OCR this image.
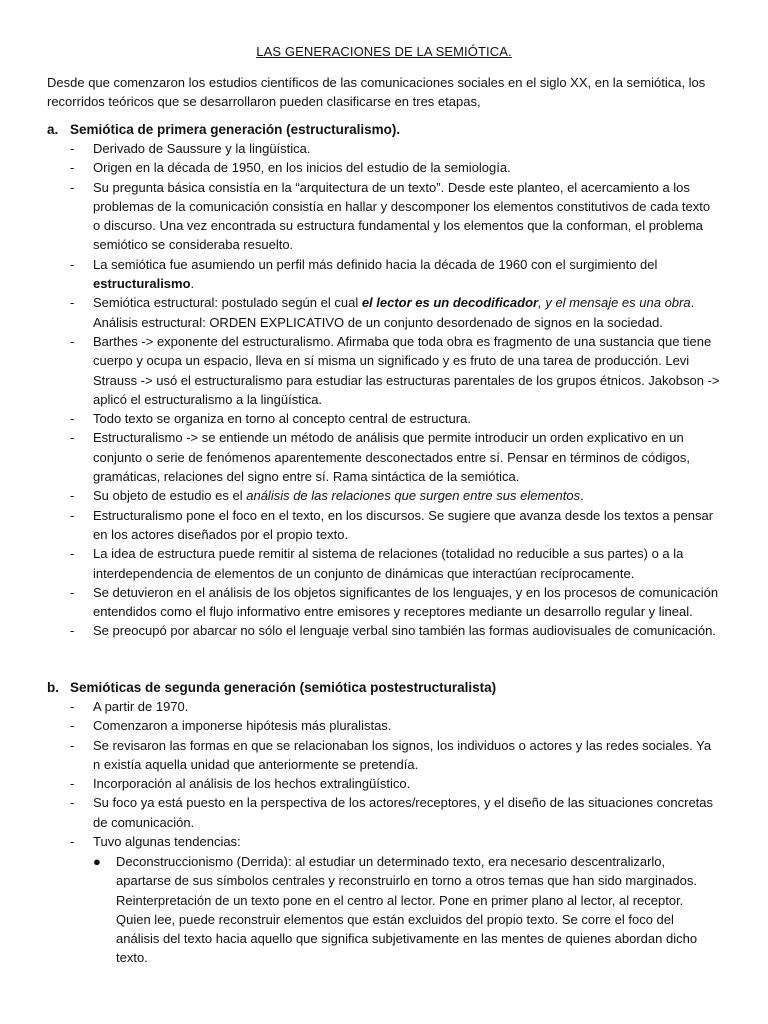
LAS GENERACIONES DE LA SEMIÓTICA.
Desde que comenzaron los estudios científicos de las comunicaciones sociales en el siglo XX, en la semiótica, los recorridos teóricos que se desarrollaron pueden clasificarse en tres etapas,
a. Semiótica de primera generación (estructuralismo).
- Derivado de Saussure y la lingüística.
- Origen en la década de 1950, en los inicios del estudio de la semiología.
- Su pregunta básica consistía en la “arquitectura de un texto”. Desde este planteo, el acercamiento a los problemas de la comunicación consistía en hallar y descomponer los elementos constitutivos de cada texto o discurso. Una vez encontrada su estructura fundamental y los elementos que la conforman, el problema semiótico se consideraba resuelto.
- La semiótica fue asumiendo un perfil más definido hacia la década de 1960 con el surgimiento del estructuralismo.
- Semiótica estructural: postulado según el cual el lector es un decodificador, y el mensaje es una obra. Análisis estructural: ORDEN EXPLICATIVO de un conjunto desordenado de signos en la sociedad.
- Barthes -> exponente del estructuralismo. Afirmaba que toda obra es fragmento de una sustancia que tiene cuerpo y ocupa un espacio, lleva en sí misma un significado y es fruto de una tarea de producción. Levi Strauss -> usó el estructuralismo para estudiar las estructuras parentales de los grupos étnicos. Jakobson -> aplicó el estructuralismo a la lingüística.
- Todo texto se organiza en torno al concepto central de estructura.
- Estructuralismo -> se entiende un método de análisis que permite introducir un orden explicativo en un conjunto o serie de fenómenos aparentemente desconectados entre sí. Pensar en términos de códigos, gramáticas, relaciones del signo entre sí. Rama sintáctica de la semiótica.
- Su objeto de estudio es el análisis de las relaciones que surgen entre sus elementos.
- Estructuralismo pone el foco en el texto, en los discursos. Se sugiere que avanza desde los textos a pensar en los actores diseñados por el propio texto.
- La idea de estructura puede remitir al sistema de relaciones (totalidad no reducible a sus partes) o a la interdependencia de elementos de un conjunto de dinámicas que interactúan recíprocamente.
- Se detuvieron en el análisis de los objetos significantes de los lenguajes, y en los procesos de comunicación entendidos como el flujo informativo entre emisores y receptores mediante un desarrollo regular y lineal.
- Se preocupó por abarcar no sólo el lenguaje verbal sino también las formas audiovisuales de comunicación.
b. Semióticas de segunda generación (semiótica postestructuralista)
- A partir de 1970.
- Comenzaron a imponerse hipótesis más pluralistas.
- Se revisaron las formas en que se relacionaban los signos, los individuos o actores y las redes sociales. Ya n existía aquella unidad que anteriormente se pretendía.
- Incorporación al análisis de los hechos extralingüístico.
- Su foco ya está puesto en la perspectiva de los actores/receptores, y el diseño de las situaciones concretas de comunicación.
- Tuvo algunas tendencias:
● Deconstruccionismo (Derrida): al estudiar un determinado texto, era necesario descentralizarlo, apartarse de sus símbolos centrales y reconstruirlo en torno a otros temas que han sido marginados. Reinterpretación de un texto pone en el centro al lector. Pone en primer plano al lector, al receptor. Quien lee, puede reconstruir elementos que están excluidos del propio texto. Se corre el foco del análisis del texto hacia aquello que significa subjetivamente en las mentes de quienes abordan dicho texto.
